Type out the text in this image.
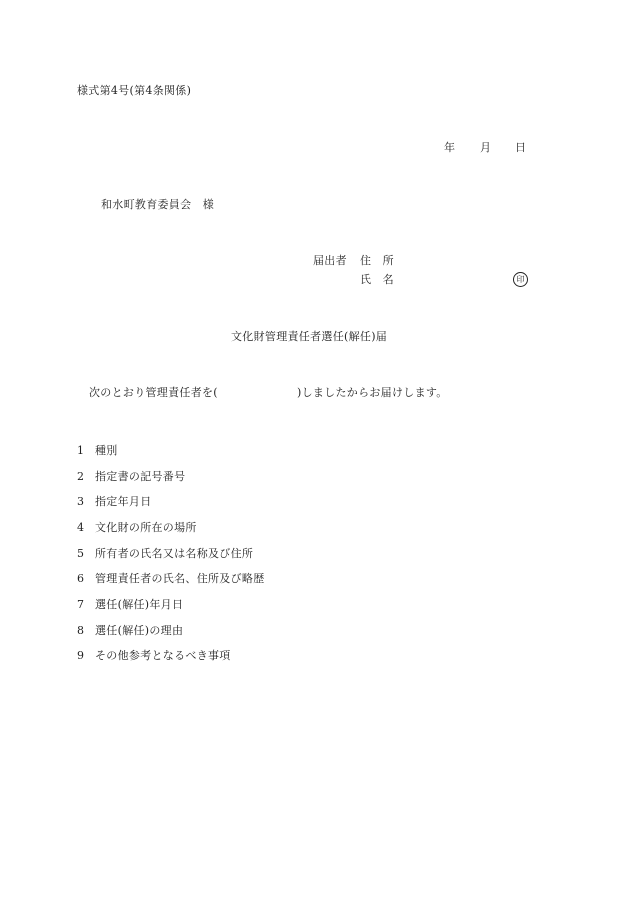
様式第4号(第4条関係)
年 月 日
和水町教育委員会　様
届出者 住　所
氏　名	印
文化財管理責任者選任(解任)届
次のとおり管理責任者を(　　　　　　　)しましたからお届けします。
1 種別
2 指定書の記号番号
3 指定年月日
4 文化財の所在の場所
5 所有者の氏名又は名称及び住所
6 管理責任者の氏名、住所及び略歴
7 選任(解任)年月日
8 選任(解任)の理由
9 その他参考となるべき事項
